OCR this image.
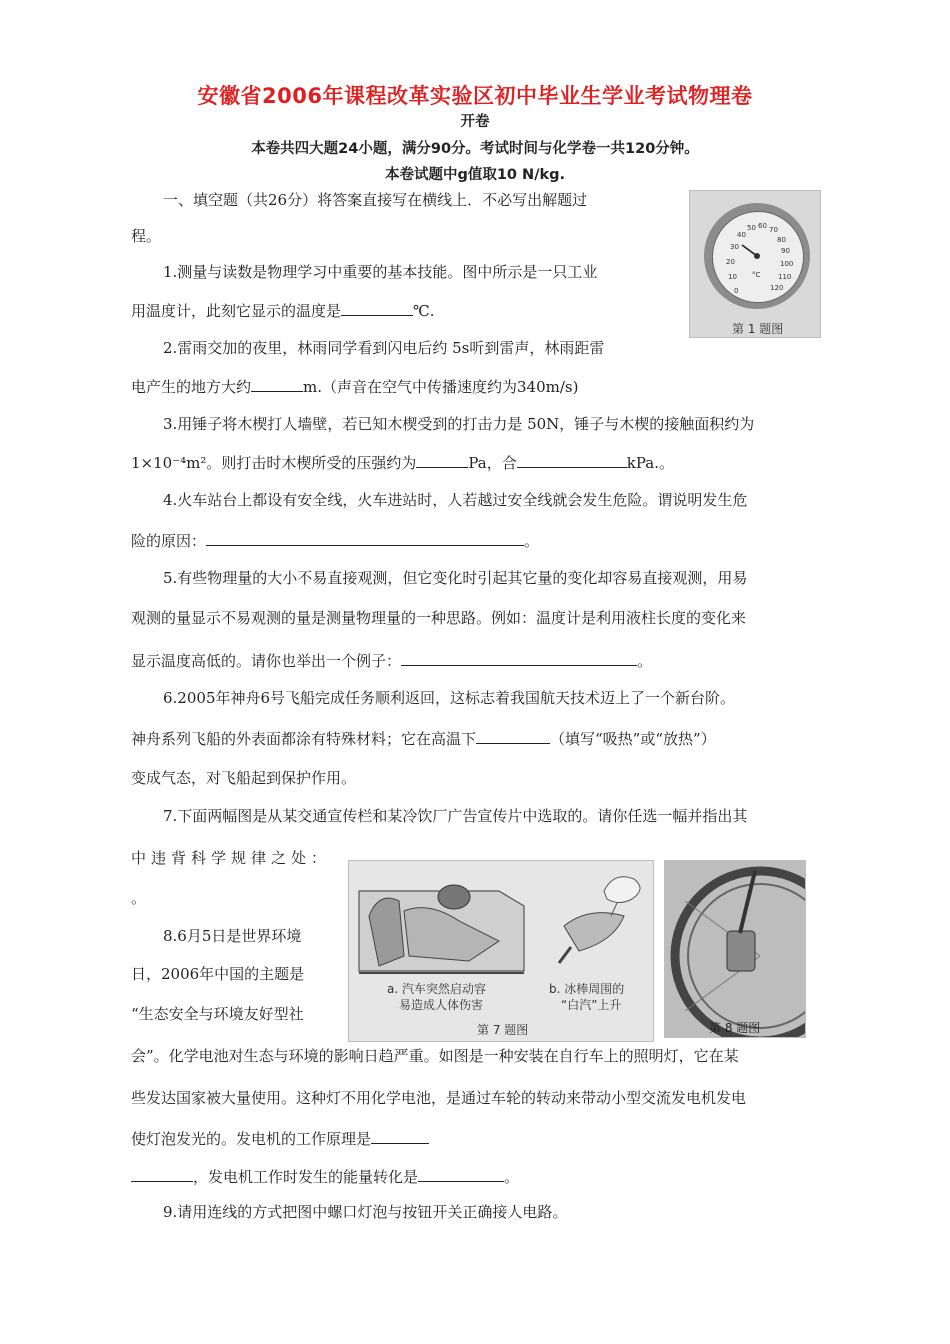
安徽省2006年课程改革实验区初中毕业生学业考试物理卷
开卷
本卷共四大题24小题，满分90分。考试时间与化学卷一共120分钟。
本卷试题中g值取10 N/kg.
一、填空题（共26分）将答案直接写在横线上．不必写出解题过
程。
1.测量与读数是物理学习中重要的基本技能。图中所示是一只工业
用温度计，此刻它显示的温度是	℃.
0
10
20
30
40
50 60 70
80
90
100
110
120
°C
第 1 题图
2.雷雨交加的夜里，林雨同学看到闪电后约 5s听到雷声，林雨距雷
电产生的地方大约	m.（声音在空气中传播速度约为340m/s)
3.用锤子将木楔打人墙壁，若已知木楔受到的打击力是 50N，锤子与木楔的接触面积约为
1×10⁻⁴m²。则打击时木楔所受的压强约为	Pa，合	kPa.。
4.火车站台上都设有安全线，火车进站时，人若越过安全线就会发生危险。谓说明发生危
险的原因：	。
5.有些物理量的大小不易直接观测，但它变化时引起其它量的变化却容易直接观测，用易
观测的量显示不易观测的量是测量物理量的一种思路。例如：温度计是利用液柱长度的变化来
显示温度高低的。请你也举出一个例子：	。
6.2005年神舟6号飞船完成任务顺利返回，这标志着我国航天技术迈上了一个新台阶。
神舟系列飞船的外表面都涂有特殊材料；它在高温下	（填写“吸热”或“放热”）
变成气态，对飞船起到保护作用。
7.下面两幅图是从某交通宣传栏和某冷饮厂广告宣传片中选取的。请你任选一幅并指出其
中违背科学规律之处：
。
a. 汽车突然启动容
易造成人体伤害
b. 冰棒周围的
“白汽”上升
第 7 题图	第 8 题图
8.6月5日是世界环境
日，2006年中国的主题是
“生态安全与环境友好型社
会”。化学电池对生态与环境的影响日趋严重。如图是一种安装在自行车上的照明灯，它在某
些发达国家被大量使用。这种灯不用化学电池，是通过车轮的转动来带动小型交流发电机发电
使灯泡发光的。发电机的工作原理是
，发电机工作时发生的能量转化是	。
9.请用连线的方式把图中螺口灯泡与按钮开关正确接人电路。
